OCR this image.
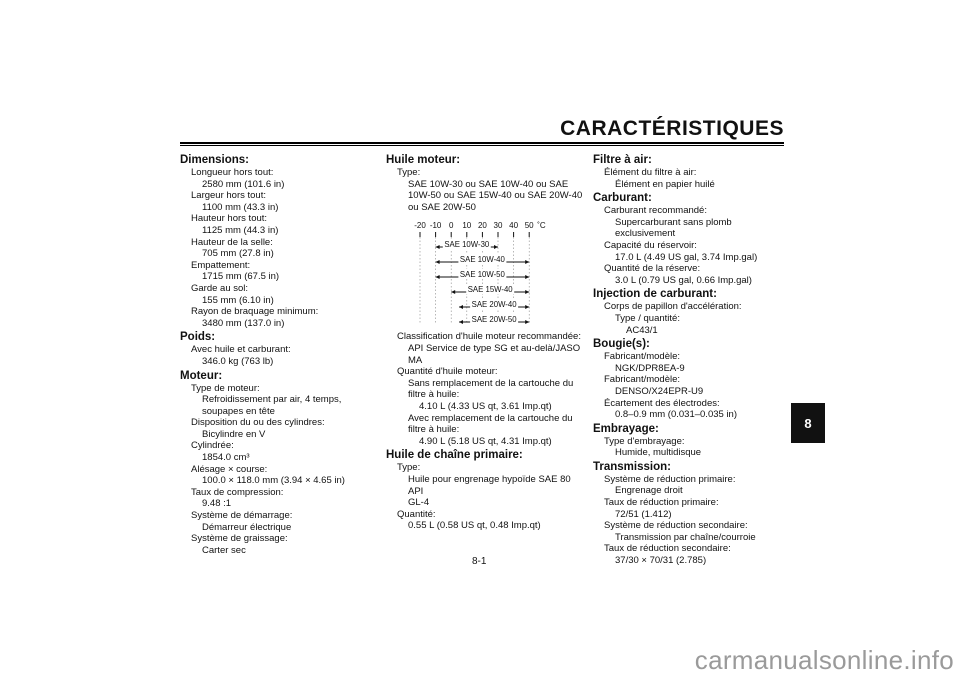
CARACTÉRISTIQUES
Dimensions:
Longueur hors tout:
2580 mm (101.6 in)
Largeur hors tout:
1100 mm (43.3 in)
Hauteur hors tout:
1125 mm (44.3 in)
Hauteur de la selle:
705 mm (27.8 in)
Empattement:
1715 mm (67.5 in)
Garde au sol:
155 mm (6.10 in)
Rayon de braquage minimum:
3480 mm (137.0 in)
Poids:
Avec huile et carburant:
346.0 kg (763 lb)
Moteur:
Type de moteur:
Refroidissement par air, 4 temps,
soupapes en tête
Disposition du ou des cylindres:
Bicylindre en V
Cylindrée:
1854.0 cm³
Alésage × course:
100.0 × 118.0 mm (3.94 × 4.65 in)
Taux de compression:
9.48 :1
Système de démarrage:
Démarreur électrique
Système de graissage:
Carter sec
Huile moteur:
Type:
SAE 10W-30 ou SAE 10W-40 ou SAE
10W-50 ou SAE 15W-40 ou SAE 20W-40
ou SAE 20W-50
-20 -10 0 10 20 30 40 50 ˚C
SAE 10W-30
SAE 10W-40
SAE 10W-50
SAE 15W-40
SAE 20W-40
SAE 20W-50
Classification d'huile moteur recommandée:
API Service de type SG et au-delà/JASO
MA
Quantité d'huile moteur:
Sans remplacement de la cartouche du
filtre à huile:
4.10 L (4.33 US qt, 3.61 Imp.qt)
Avec remplacement de la cartouche du
filtre à huile:
4.90 L (5.18 US qt, 4.31 Imp.qt)
Huile de chaîne primaire:
Type:
Huile pour engrenage hypoïde SAE 80 API
GL-4
Quantité:
0.55 L (0.58 US qt, 0.48 Imp.qt)
Filtre à air:
Élément du filtre à air:
Élément en papier huilé
Carburant:
Carburant recommandé:
Supercarburant sans plomb exclusivement
Capacité du réservoir:
17.0 L (4.49 US gal, 3.74 Imp.gal)
Quantité de la réserve:
3.0 L (0.79 US gal, 0.66 Imp.gal)
Injection de carburant:
Corps de papillon d'accélération:
Type / quantité:
AC43/1
Bougie(s):
Fabricant/modèle:
NGK/DPR8EA-9
Fabricant/modèle:
DENSO/X24EPR-U9
Écartement des électrodes:
0.8–0.9 mm (0.031–0.035 in)
Embrayage:
Type d'embrayage:
Humide, multidisque
Transmission:
Système de réduction primaire:
Engrenage droit
Taux de réduction primaire:
72/51 (1.412)
Système de réduction secondaire:
Transmission par chaîne/courroie
Taux de réduction secondaire:
37/30 × 70/31 (2.785)
8
8-1
carmanualsonline.info
